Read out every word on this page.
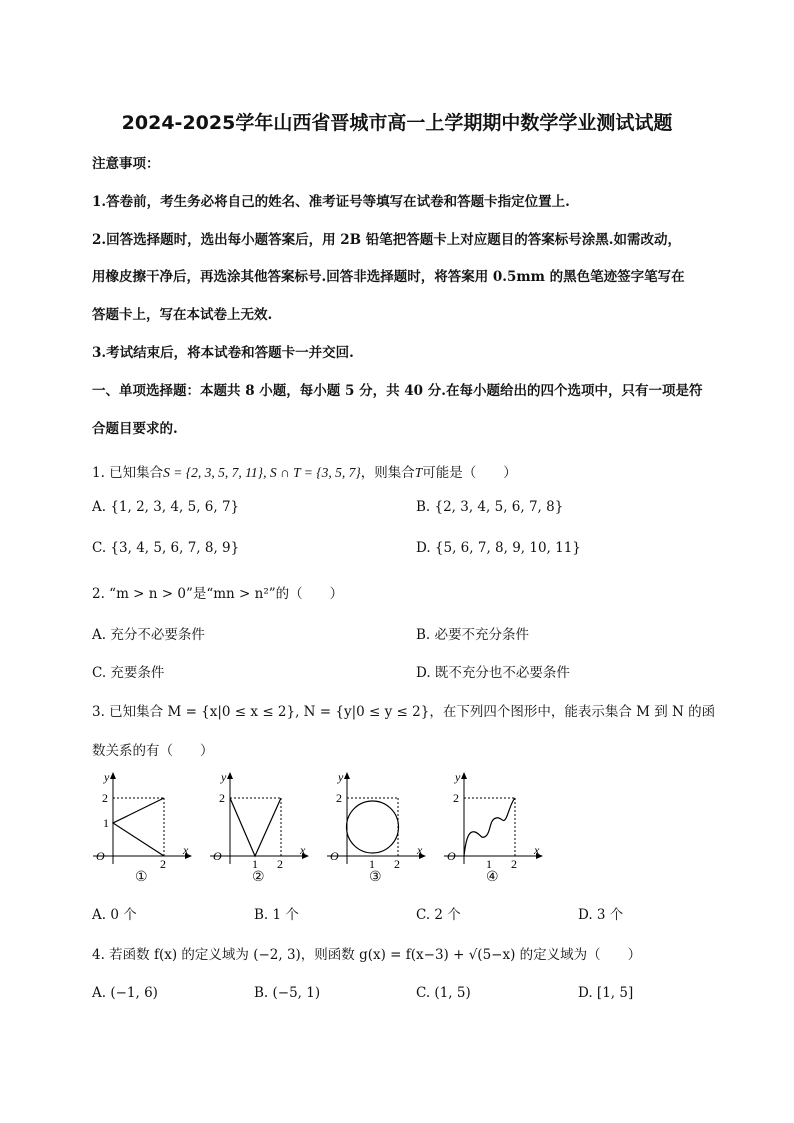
2024-2025学年山西省晋城市高一上学期期中数学学业测试试题
注意事项：
1.答卷前，考生务必将自己的姓名、准考证号等填写在试卷和答题卡指定位置上.
2.回答选择题时，选出每小题答案后，用 2B 铅笔把答题卡上对应题目的答案标号涂黑.如需改动，
用橡皮擦干净后，再选涂其他答案标号.回答非选择题时，将答案用 0.5mm 的黑色笔迹签字笔写在
答题卡上，写在本试卷上无效.
3.考试结束后，将本试卷和答题卡一并交回.
一、单项选择题：本题共 8 小题，每小题 5 分，共 40 分.在每小题给出的四个选项中，只有一项是符
合题目要求的.
1. 已知集合S = {2, 3, 5, 7, 11}, S ∩ T = {3, 5, 7}，则集合T可能是（　　）
A. {1, 2, 3, 4, 5, 6, 7}	B. {2, 3, 4, 5, 6, 7, 8}
C. {3, 4, 5, 6, 7, 8, 9}	D. {5, 6, 7, 8, 9, 10, 11}
2. “m > n > 0”是“mn > n²”的（　　）
A. 充分不必要条件	B. 必要不充分条件
C. 充要条件	D. 既不充分也不必要条件
3. 已知集合 M = {x|0 ≤ x ≤ 2}, N = {y|0 ≤ y ≤ 2}，在下列四个图形中，能表示集合 M 到 N 的函
数关系的有（　　）
y
x
O
2
1
2
①
y
x
O
2
1 2
②
y
x
O
2
1 2
③
y
x
O
2
1 2
④
A. 0 个	B. 1 个	C. 2 个	D. 3 个
4. 若函数 f(x) 的定义域为 (−2, 3)，则函数 g(x) = f(x−3) + √(5−x) 的定义域为（　　）
A. (−1, 6)	B. (−5, 1)	C. (1, 5)	D. [1, 5]
